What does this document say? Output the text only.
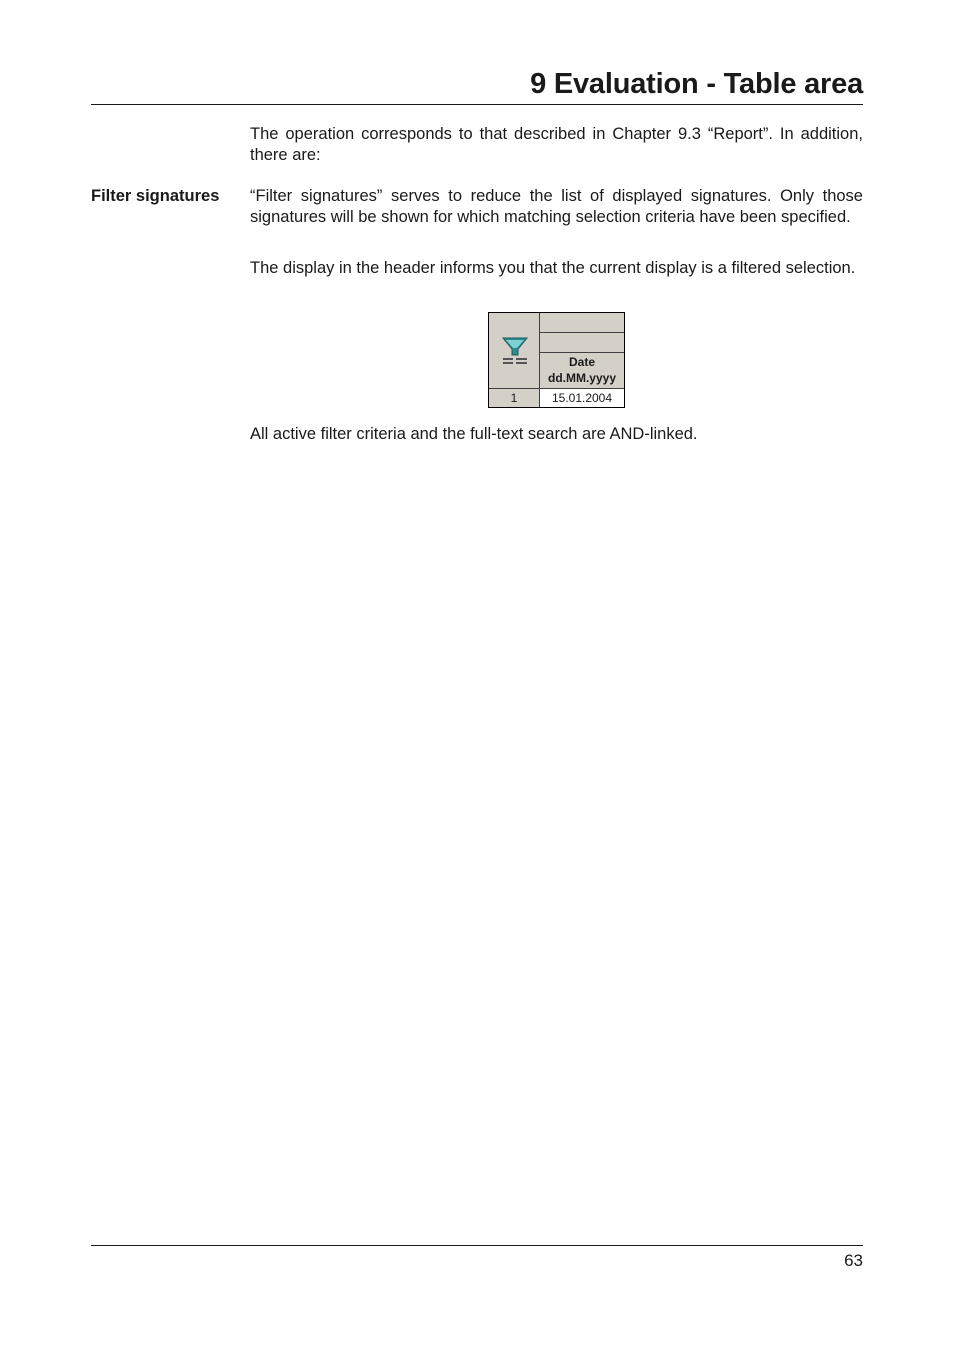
9 Evaluation - Table area
The operation corresponds to that described in Chapter 9.3 “Report”. In addition, there are:
Filter signatures “Filter signatures” serves to reduce the list of displayed signatures. Only those signatures will be shown for which matching selection criteria have been specified.
The display in the header informs you that the current display is a filtered selection.
Date
dd.MM.yyyy
1	15.01.2004
All active filter criteria and the full-text search are AND-linked.
63
